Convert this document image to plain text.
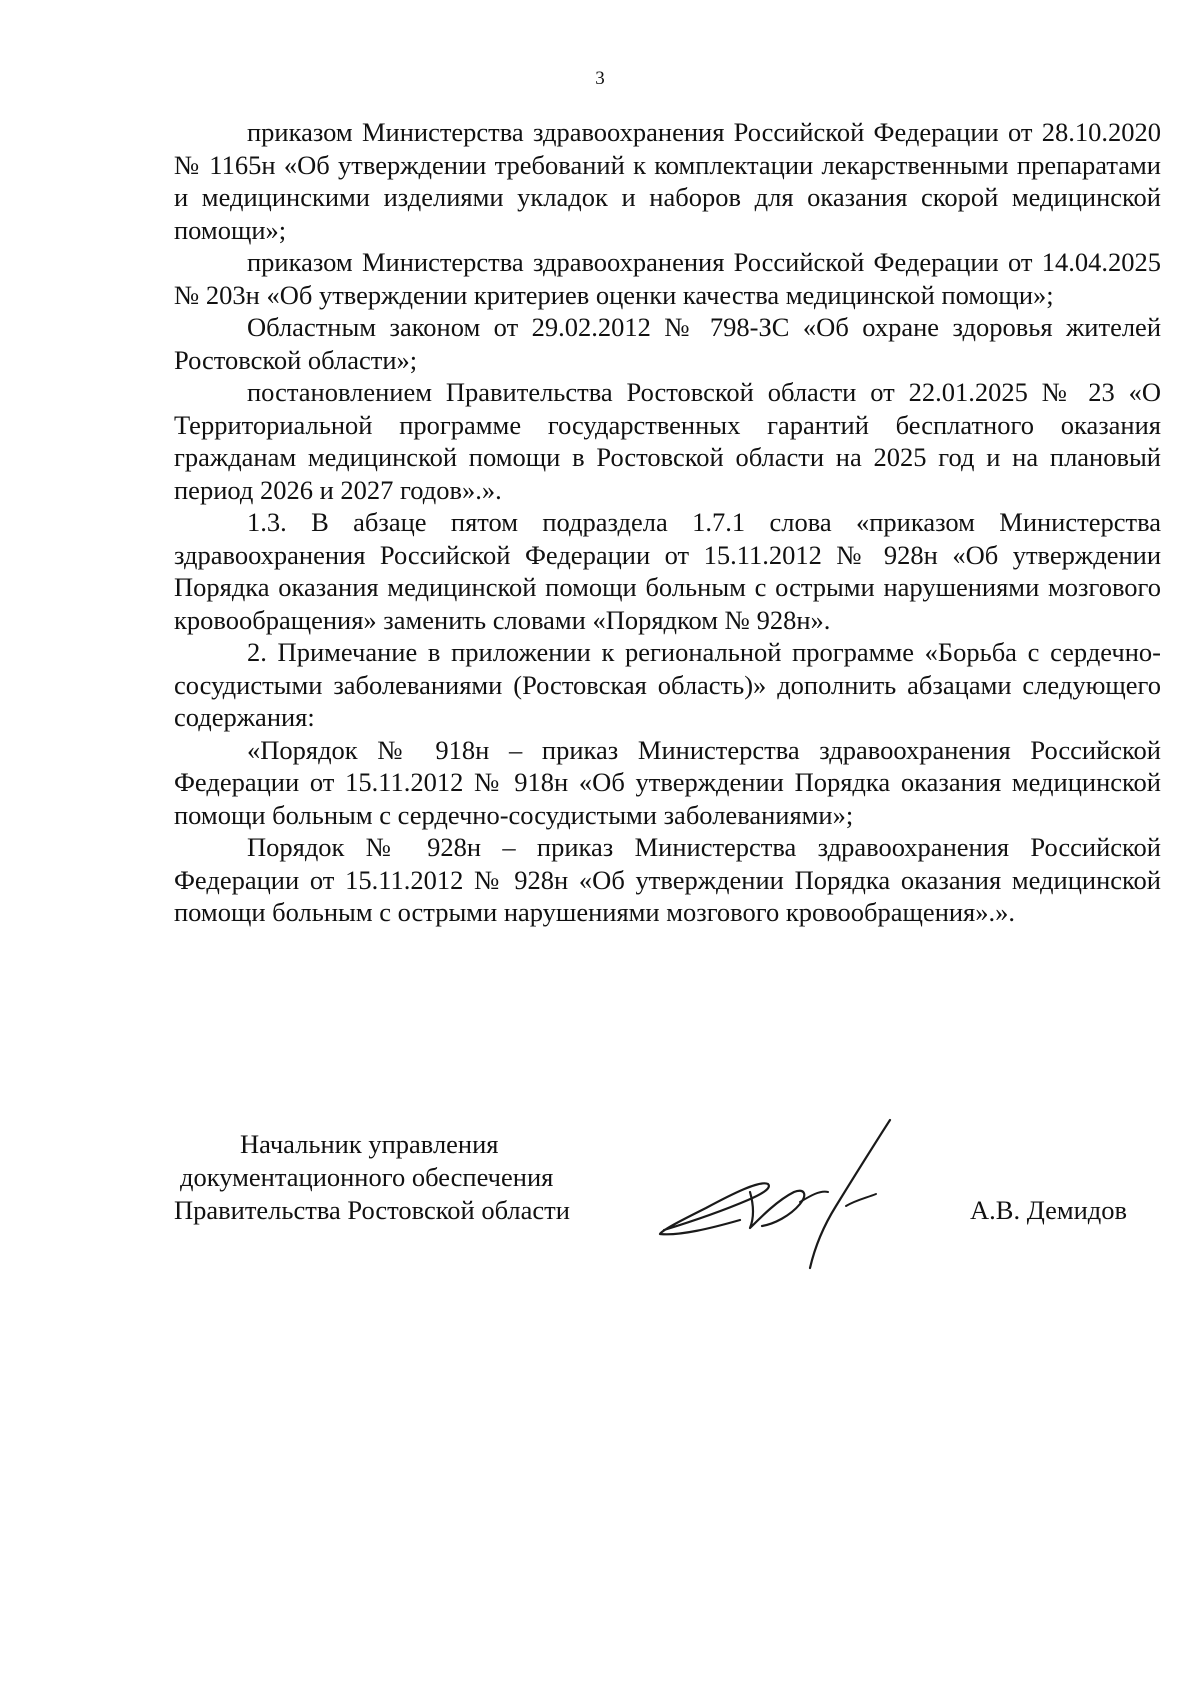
3

приказом Министерства здравоохранения Российской Федерации от 28.10.2020 № 1165н «Об утверждении требований к комплектации лекарственными препаратами и медицинскими изделиями укладок и наборов для оказания скорой медицинской помощи»;

приказом Министерства здравоохранения Российской Федерации от 14.04.2025 № 203н «Об утверждении критериев оценки качества медицинской помощи»;

Областным законом от 29.02.2012 № 798-ЗС «Об охране здоровья жителей Ростовской области»;

постановлением Правительства Ростовской области от 22.01.2025 № 23 «О Территориальной программе государственных гарантий бесплатного оказания гражданам медицинской помощи в Ростовской области на 2025 год и на плановый период 2026 и 2027 годов».».

1.3. В абзаце пятом подраздела 1.7.1 слова «приказом Министерства здравоохранения Российской Федерации от 15.11.2012 № 928н «Об утверждении Порядка оказания медицинской помощи больным с острыми нарушениями мозгового кровообращения» заменить словами «Порядком № 928н».

2. Примечание в приложении к региональной программе «Борьба с сердечно-сосудистыми заболеваниями (Ростовская область)» дополнить абзацами следующего содержания:

«Порядок № 918н – приказ Министерства здравоохранения Российской Федерации от 15.11.2012 № 918н «Об утверждении Порядка оказания медицинской помощи больным с сердечно-сосудистыми заболеваниями»;

Порядок № 928н – приказ Министерства здравоохранения Российской Федерации от 15.11.2012 № 928н «Об утверждении Порядка оказания медицинской помощи больным с острыми нарушениями мозгового кровообращения».».

Начальник управления
документационного обеспечения
Правительства Ростовской области	А.В. Демидов
